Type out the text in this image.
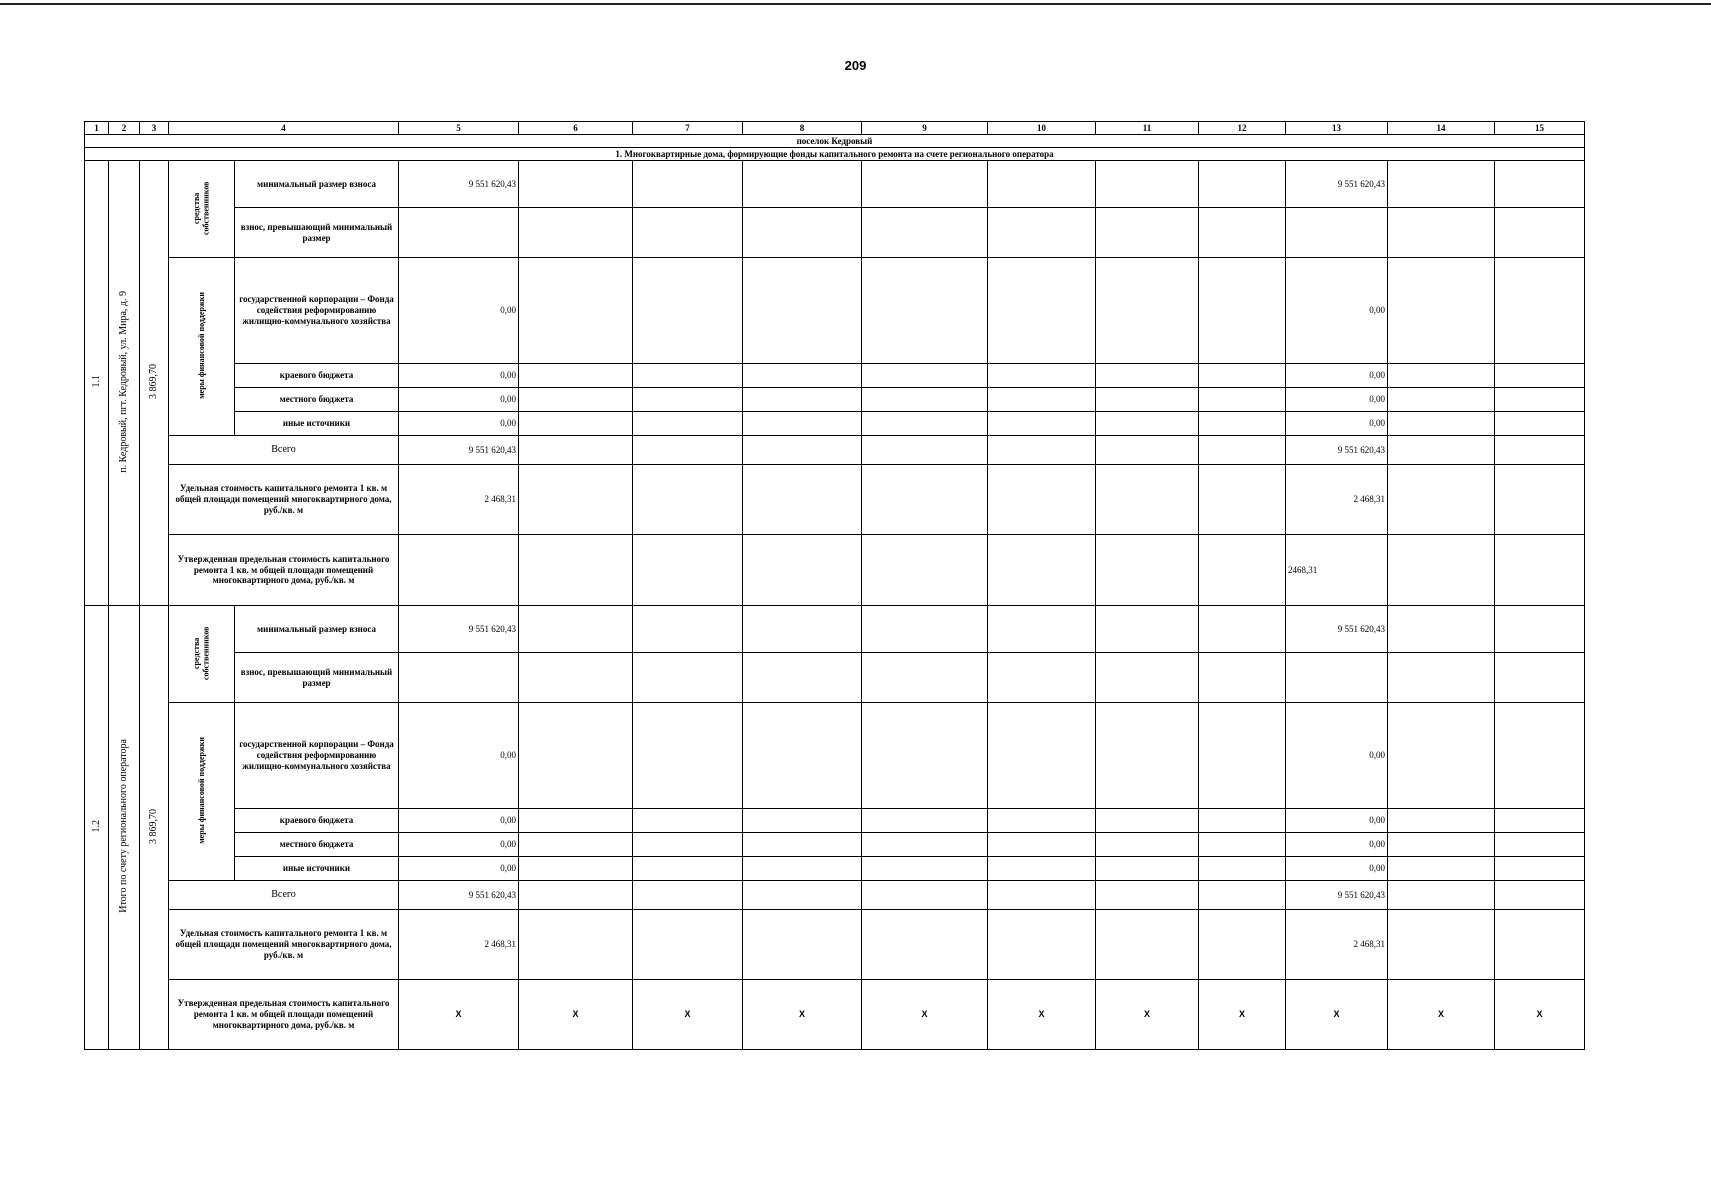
209
1	2	3	4		5	6	7	8	9	10	11	12	13	14	15
поселок Кедровый															
1. Многоквартирные дома, формирующие фонды капитального ремонта на счете регионального оператора															
1.1	п. Кедровый, пгт. Кедровый, ул. Мира, д. 9	3 869,70	средства собственников	минимальный размер взноса	9 551 620,43								9 551 620,43		
				взнос, превышающий минимальный размер											
			меры финансовой поддержки	государственной корпорации – Фонда содействия реформированию жилищно-коммунального хозяйства	0,00								0,00		
				краевого бюджета	0,00								0,00		
				местного бюджета	0,00								0,00		
				иные источники	0,00								0,00		
			Всего		9 551 620,43								9 551 620,43		
			Удельная стоимость капитального ремонта 1 кв. м общей площади помещений многоквартирного дома, руб./кв. м		2 468,31								2 468,31		
			Утвержденная предельная стоимость капитального ремонта 1 кв. м общей площади помещений многоквартирного дома, руб./кв. м										2468,31		

1.2	Итого по счету регионального оператора	3 869,70	средства собственников	минимальный размер взноса	9 551 620,43								9 551 620,43		
				взнос, превышающий минимальный размер											
			меры финансовой поддержки	государственной корпорации – Фонда содействия реформированию жилищно-коммунального хозяйства	0,00								0,00		
				краевого бюджета	0,00								0,00		
				местного бюджета	0,00								0,00		
				иные источники	0,00								0,00		
			Всего		9 551 620,43								9 551 620,43		
			Удельная стоимость капитального ремонта 1 кв. м общей площади помещений многоквартирного дома, руб./кв. м		2 468,31								2 468,31		
			Утвержденная предельная стоимость капитального ремонта 1 кв. м общей площади помещений многоквартирного дома, руб./кв. м		X	X	X	X	X	X	X	X	X	X	X
